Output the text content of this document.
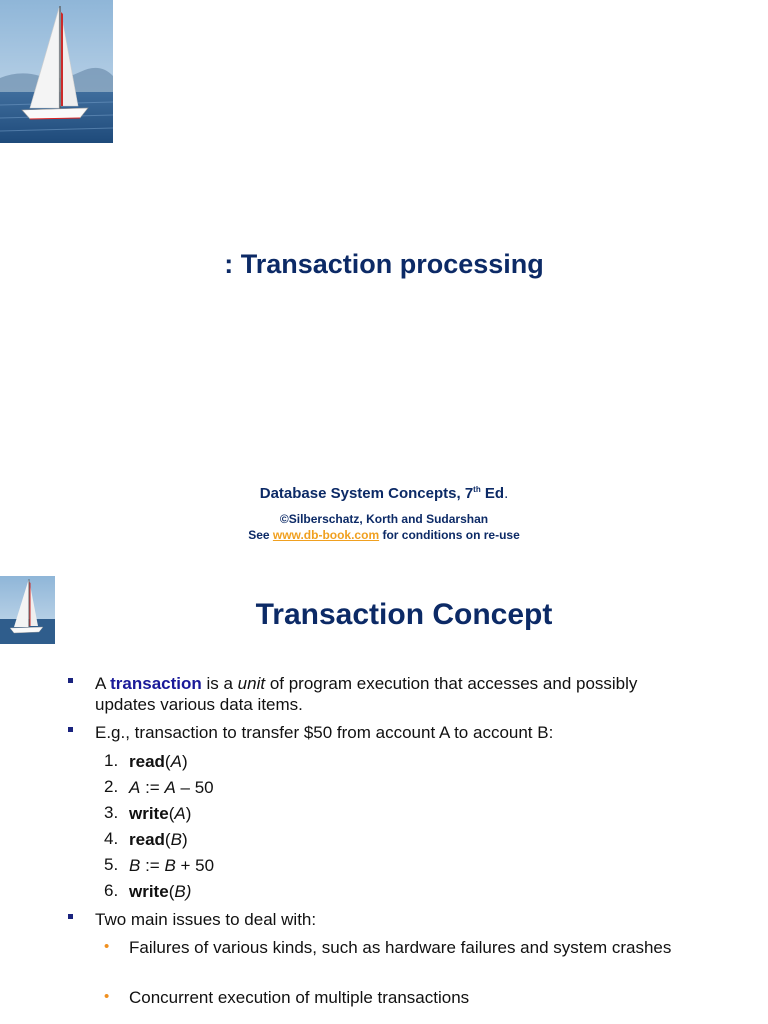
: Transaction processing
Database System Concepts, 7th Ed.
©Silberschatz, Korth and Sudarshan
See www.db-book.com for conditions on re-use
Transaction Concept
A transaction is a unit of program execution that accesses and possibly updates various data items.
E.g., transaction to transfer $50 from account A to account B:
1. read(A)
2. A := A – 50
3. write(A)
4. read(B)
5. B := B + 50
6. write(B)
Two main issues to deal with:
• Failures of various kinds, such as hardware failures and system crashes
• Concurrent execution of multiple transactions
